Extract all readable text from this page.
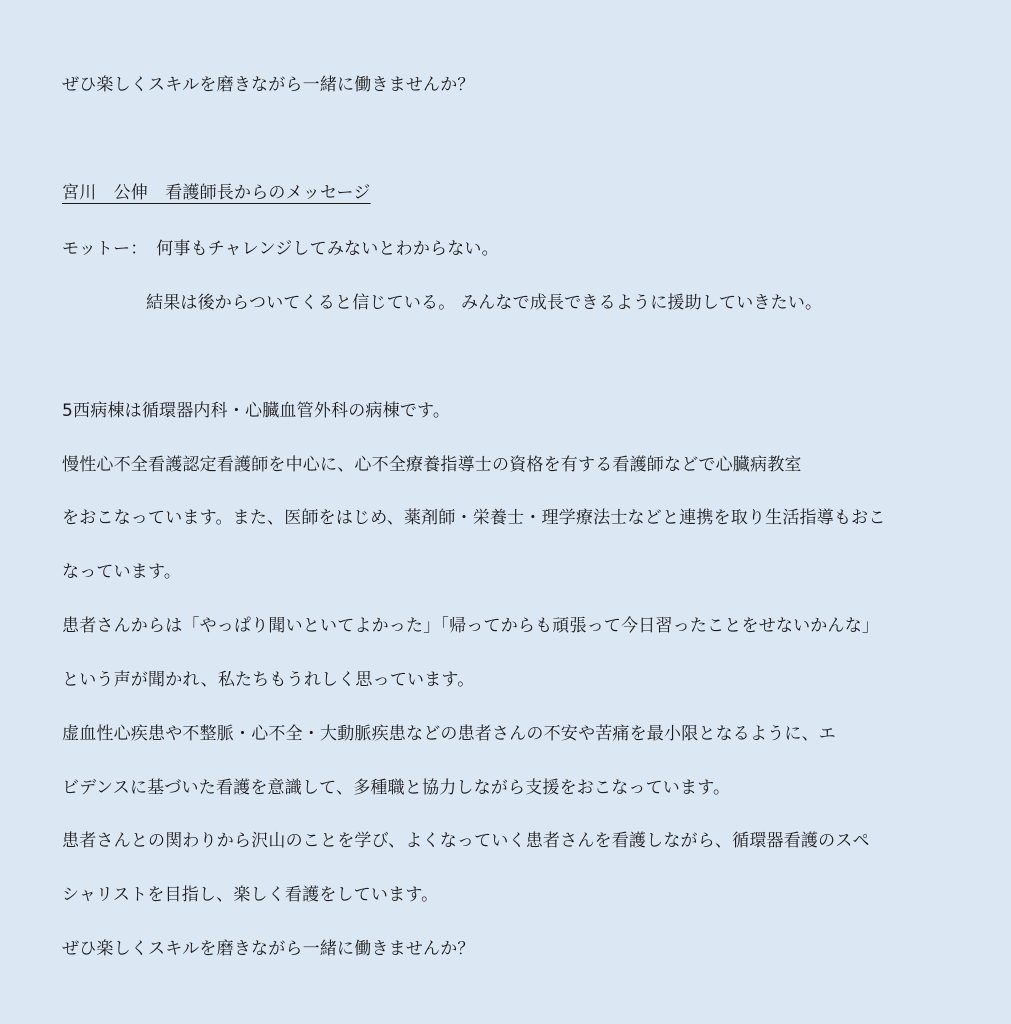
ぜひ楽しくスキルを磨きながら一緒に働きませんか？
宮川　公伸　看護師長からのメッセージ
モットー：　何事もチャレンジしてみないとわからない。
結果は後からついてくると信じている。 みんなで成長できるように援助していきたい。
5西病棟は循環器内科・心臓血管外科の病棟です。
慢性心不全看護認定看護師を中心に、心不全療養指導士の資格を有する看護師などで心臓病教室
をおこなっています。また、医師をはじめ、薬剤師・栄養士・理学療法士などと連携を取り生活指導もおこ
なっています。
患者さんからは「やっぱり聞いといてよかった」「帰ってからも頑張って今日習ったことをせないかんな」
という声が聞かれ、私たちもうれしく思っています。
虚血性心疾患や不整脈・心不全・大動脈疾患などの患者さんの不安や苦痛を最小限となるように、エ
ビデンスに基づいた看護を意識して、多種職と協力しながら支援をおこなっています。
患者さんとの関わりから沢山のことを学び、よくなっていく患者さんを看護しながら、循環器看護のスペ
シャリストを目指し、楽しく看護をしています。
ぜひ楽しくスキルを磨きながら一緒に働きませんか？
